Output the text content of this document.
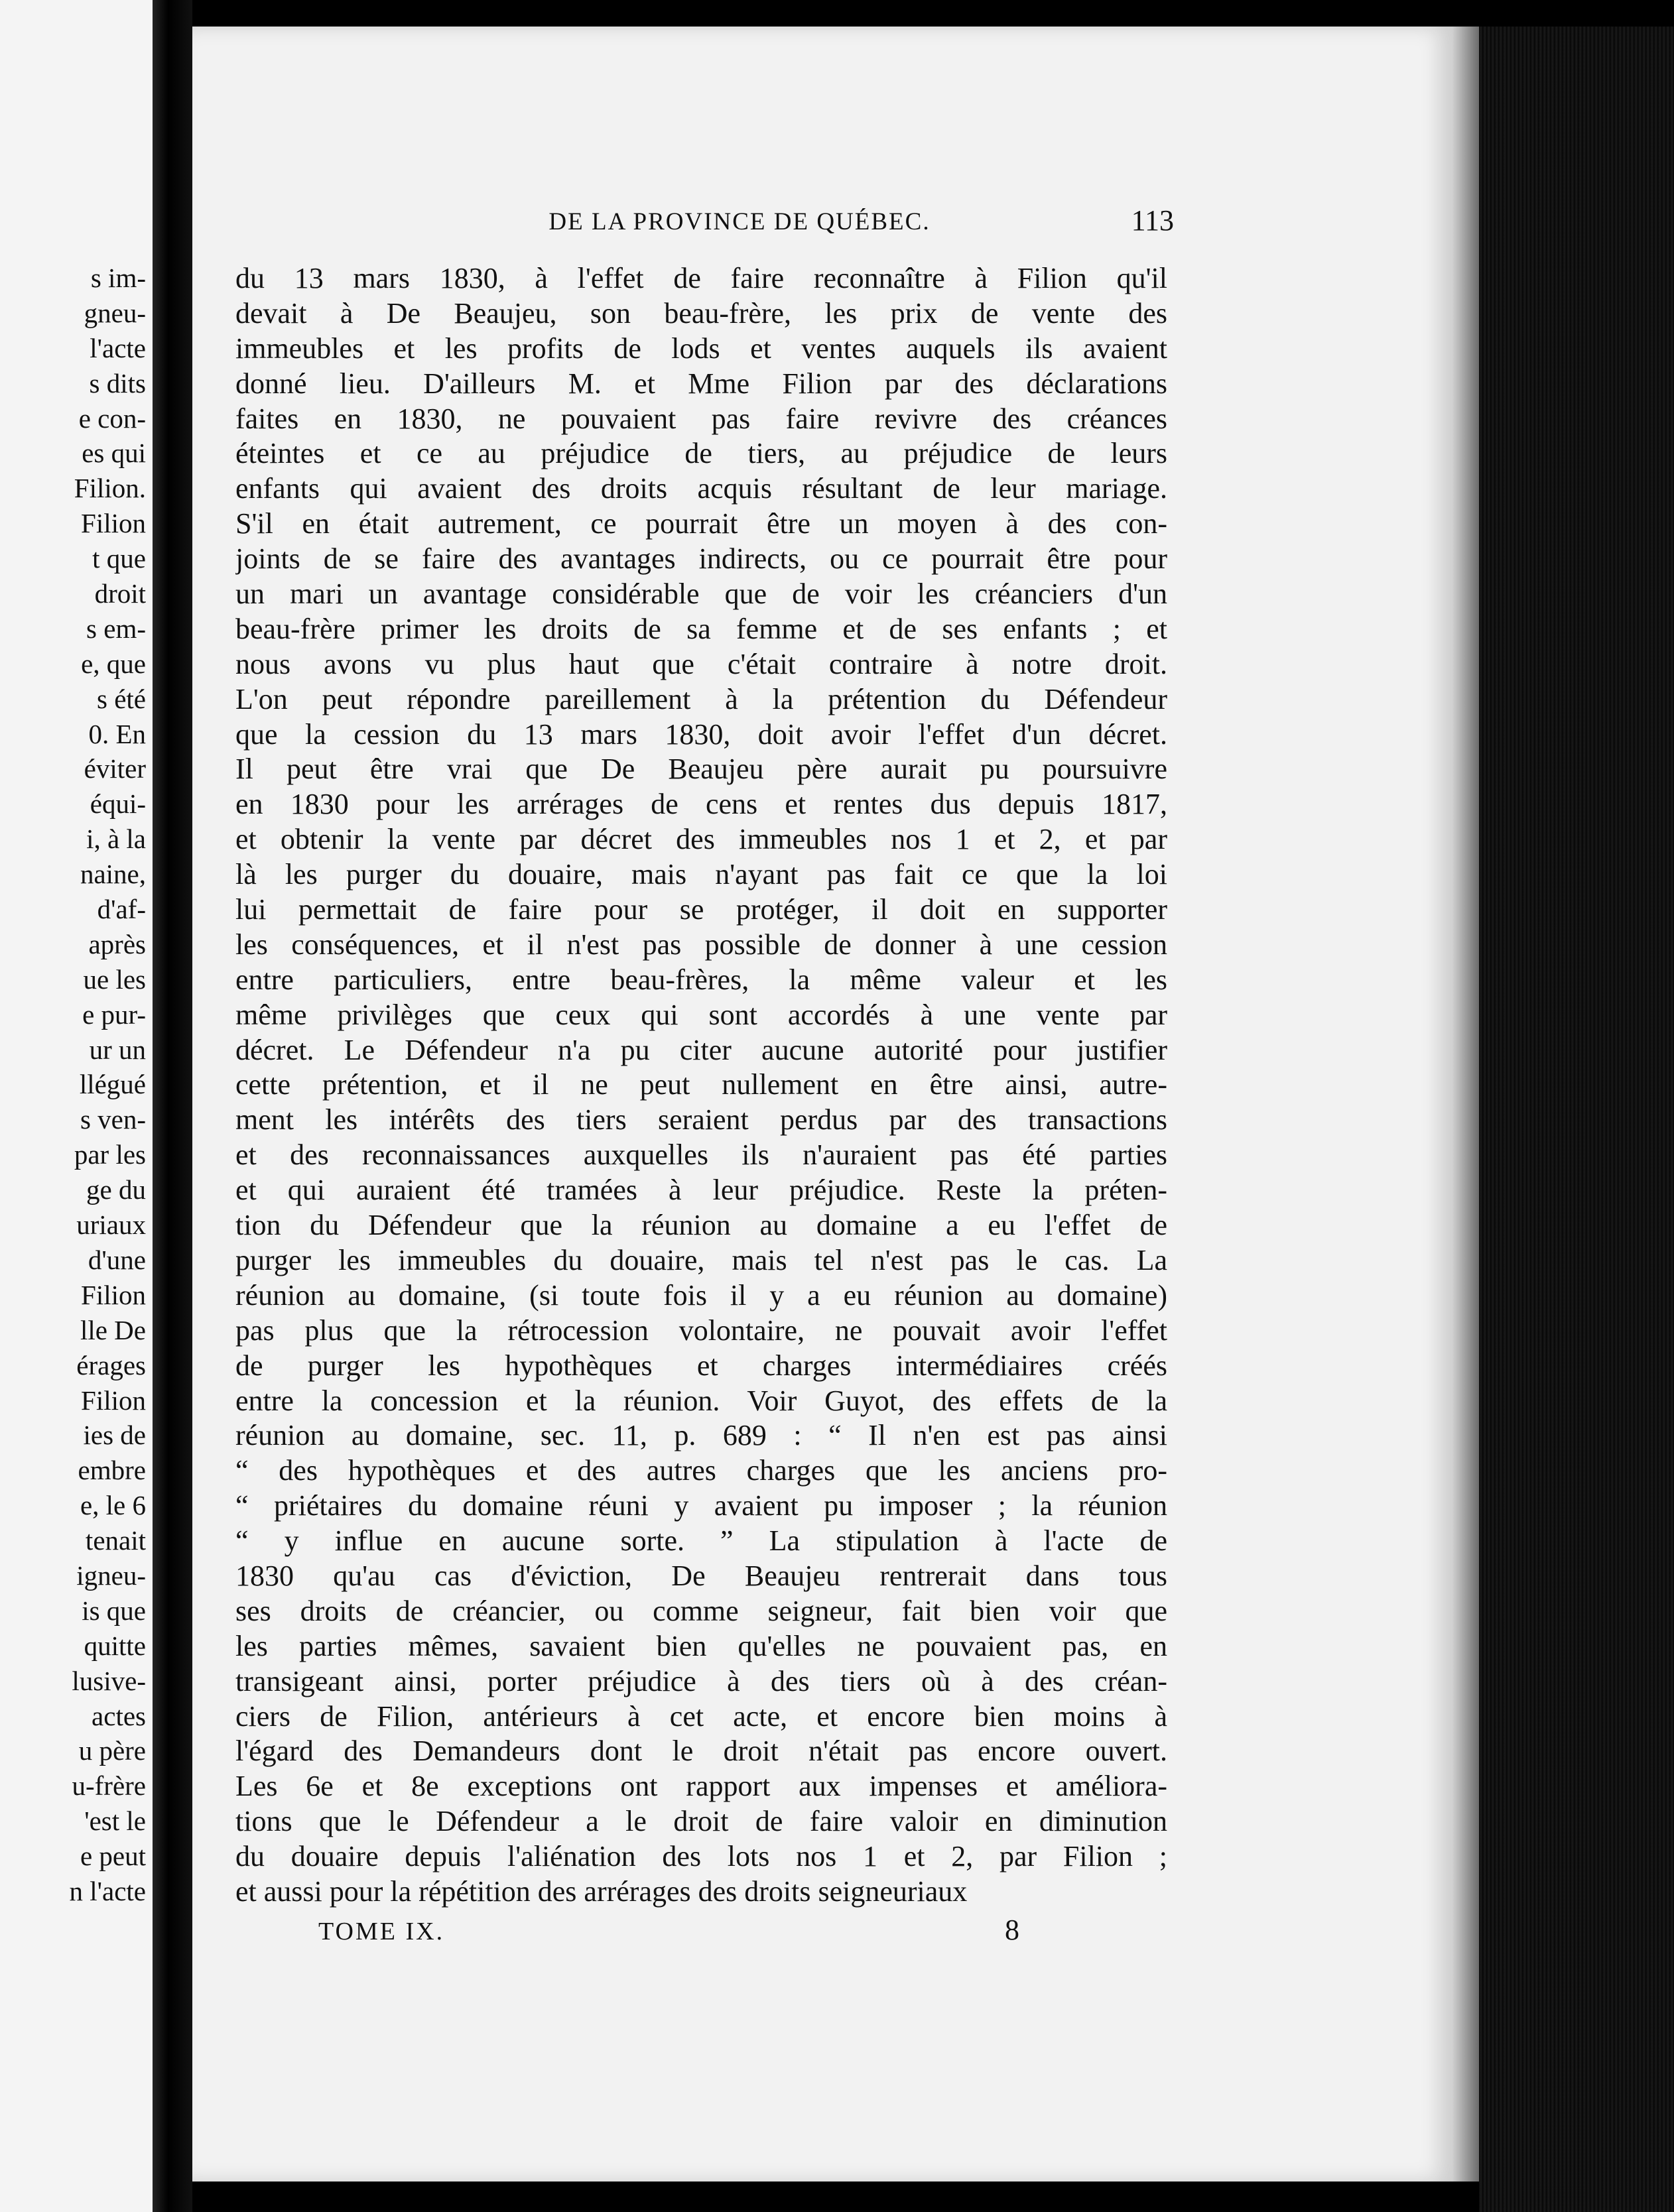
s im-
gneu-
l'acte
s dits
e con-
es qui
Filion.
Filion
t que
droit
s em-
e, que
s été
0. En
éviter
équi-
i, à la
naine,
d'af-
après
ue les
e pur-
ur un
llégué
s ven-
par les
ge du
uriaux
d'une
Filion
lle De
érages
Filion
ies de
embre
e, le 6
tenait
igneu-
is que
quitte
lusive-
actes
u père
u-frère
'est le
e peut
n l'acte
DE LA PROVINCE DE QUÉBEC.	113
du 13 mars 1830, à l'effet de faire reconnaître à Filion qu'il
devait à De Beaujeu, son beau-frère, les prix de vente des
immeubles et les profits de lods et ventes auquels ils avaient
donné lieu. D'ailleurs M. et Mme Filion par des déclarations
faites en 1830, ne pouvaient pas faire revivre des créances
éteintes et ce au préjudice de tiers, au préjudice de leurs
enfants qui avaient des droits acquis résultant de leur mariage.
S'il en était autrement, ce pourrait être un moyen à des con-
joints de se faire des avantages indirects, ou ce pourrait être pour
un mari un avantage considérable que de voir les créanciers d'un
beau-frère primer les droits de sa femme et de ses enfants ; et
nous avons vu plus haut que c'était contraire à notre droit.
L'on peut répondre pareillement à la prétention du Défendeur
que la cession du 13 mars 1830, doit avoir l'effet d'un décret.
Il peut être vrai que De Beaujeu père aurait pu poursuivre
en 1830 pour les arrérages de cens et rentes dus depuis 1817,
et obtenir la vente par décret des immeubles nos 1 et 2, et par
là les purger du douaire, mais n'ayant pas fait ce que la loi
lui permettait de faire pour se protéger, il doit en supporter
les conséquences, et il n'est pas possible de donner à une cession
entre particuliers, entre beau-frères, la même valeur et les
même privilèges que ceux qui sont accordés à une vente par
décret. Le Défendeur n'a pu citer aucune autorité pour justifier
cette prétention, et il ne peut nullement en être ainsi, autre-
ment les intérêts des tiers seraient perdus par des transactions
et des reconnaissances auxquelles ils n'auraient pas été parties
et qui auraient été tramées à leur préjudice. Reste la préten-
tion du Défendeur que la réunion au domaine a eu l'effet de
purger les immeubles du douaire, mais tel n'est pas le cas. La
réunion au domaine, (si toute fois il y a eu réunion au domaine)
pas plus que la rétrocession volontaire, ne pouvait avoir l'effet
de purger les hypothèques et charges intermédiaires créés
entre la concession et la réunion. Voir Guyot, des effets de la
réunion au domaine, sec. 11, p. 689 : “ Il n'en est pas ainsi
“ des hypothèques et des autres charges que les anciens pro-
“ priétaires du domaine réuni y avaient pu imposer ; la réunion
“ y influe en aucune sorte. ” La stipulation à l'acte de
1830 qu'au cas d'éviction, De Beaujeu rentrerait dans tous
ses droits de créancier, ou comme seigneur, fait bien voir que
les parties mêmes, savaient bien qu'elles ne pouvaient pas, en
transigeant ainsi, porter préjudice à des tiers où à des créan-
ciers de Filion, antérieurs à cet acte, et encore bien moins à
l'égard des Demandeurs dont le droit n'était pas encore ouvert.
Les 6e et 8e exceptions ont rapport aux impenses et améliora-
tions que le Défendeur a le droit de faire valoir en diminution
du douaire depuis l'aliénation des lots nos 1 et 2, par Filion ;
et aussi pour la répétition des arrérages des droits seigneuriaux
TOME IX.	8
